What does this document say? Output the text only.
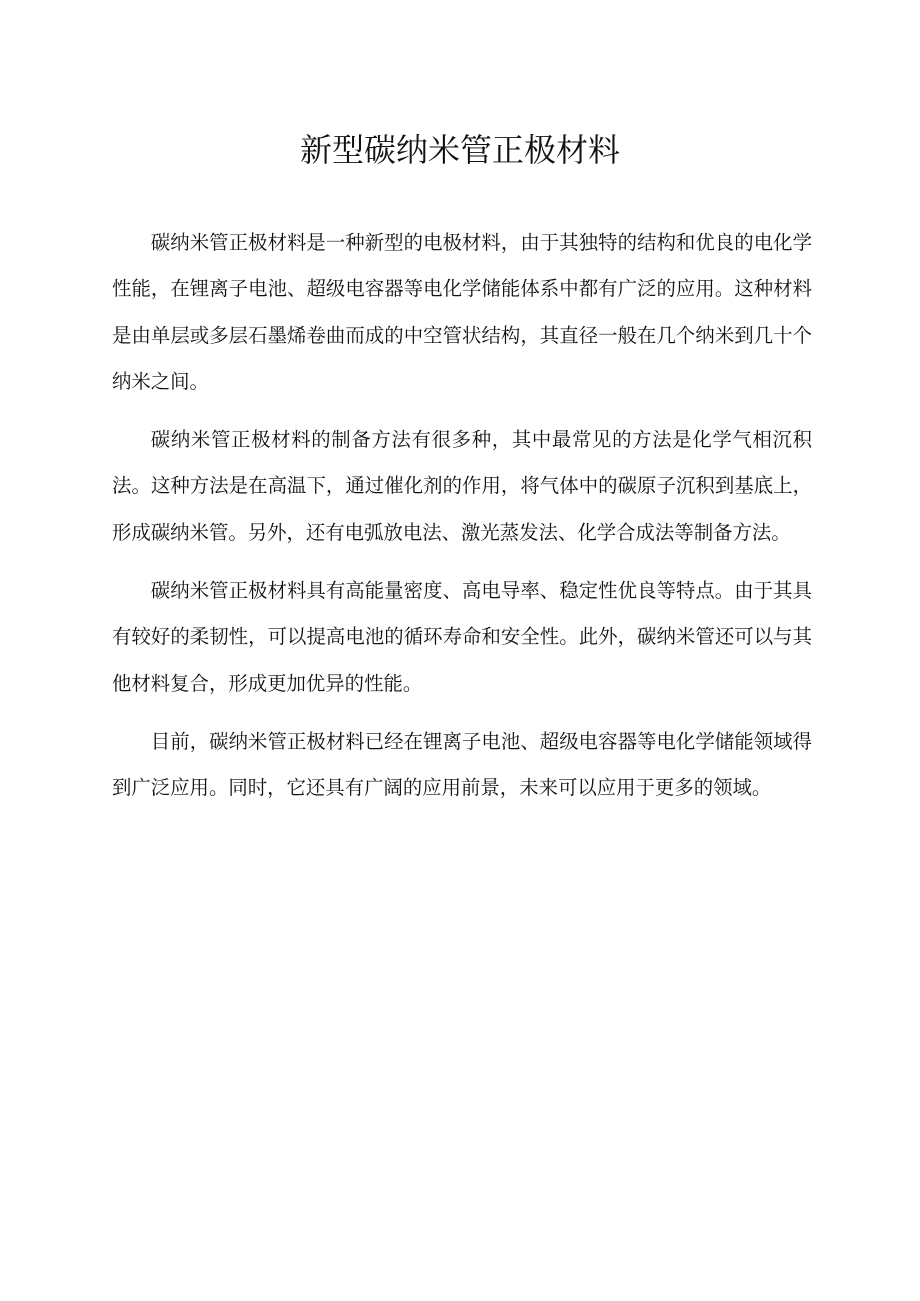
新型碳纳米管正极材料

碳纳米管正极材料是一种新型的电极材料，由于其独特的结构和优良的电化学性能，在锂离子电池、超级电容器等电化学储能体系中都有广泛的应用。这种材料是由单层或多层石墨烯卷曲而成的中空管状结构，其直径一般在几个纳米到几十个纳米之间。

碳纳米管正极材料的制备方法有很多种，其中最常见的方法是化学气相沉积法。这种方法是在高温下，通过催化剂的作用，将气体中的碳原子沉积到基底上，形成碳纳米管。另外，还有电弧放电法、激光蒸发法、化学合成法等制备方法。

碳纳米管正极材料具有高能量密度、高电导率、稳定性优良等特点。由于其具有较好的柔韧性，可以提高电池的循环寿命和安全性。此外，碳纳米管还可以与其他材料复合，形成更加优异的性能。

目前，碳纳米管正极材料已经在锂离子电池、超级电容器等电化学储能领域得到广泛应用。同时，它还具有广阔的应用前景，未来可以应用于更多的领域。
